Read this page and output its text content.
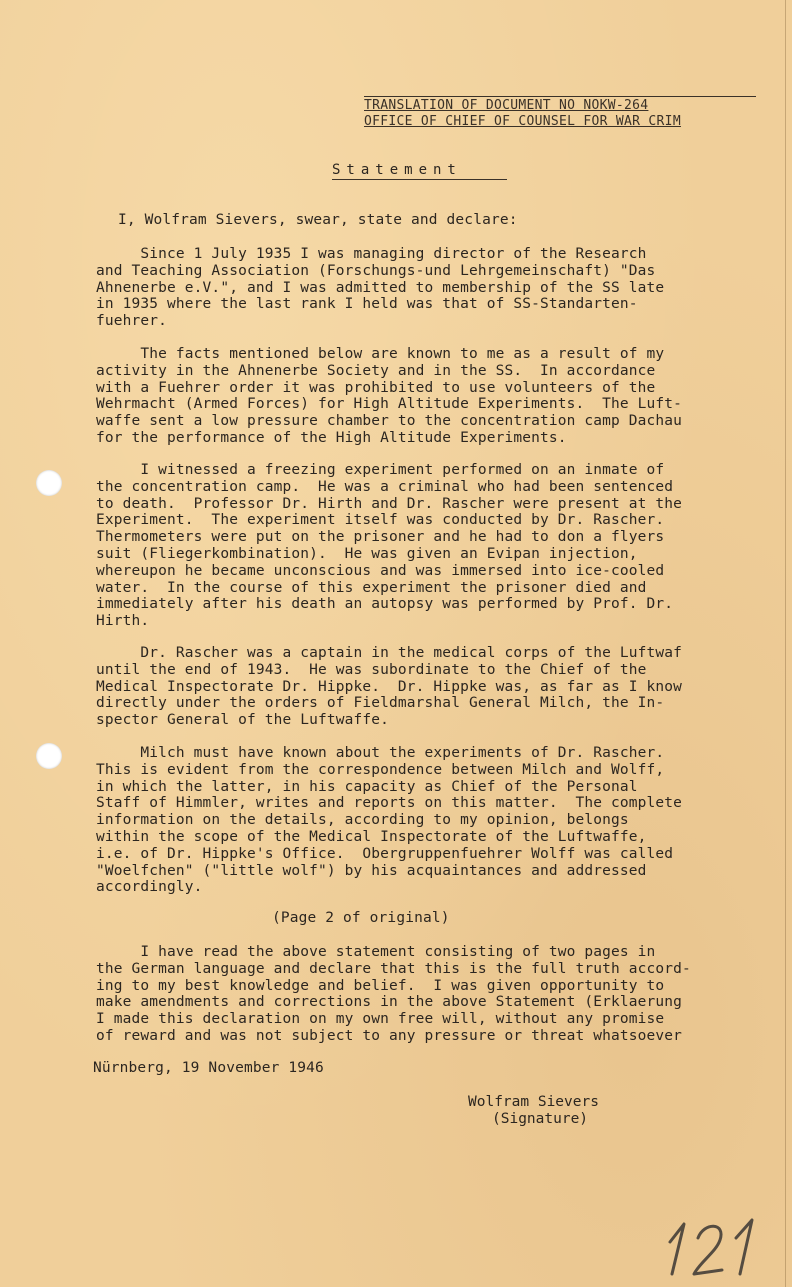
TRANSLATION OF DOCUMENT NO NOKW-264
OFFICE OF CHIEF OF COUNSEL FOR WAR CRIM
Statement
I, Wolfram Sievers, swear, state and declare:
Since 1 July 1935 I was managing director of the Research
and Teaching Association (Forschungs-und Lehrgemeinschaft) "Das
Ahnenerbe e.V.", and I was admitted to membership of the SS late
in 1935 where the last rank I held was that of SS-Standarten-
fuehrer.
The facts mentioned below are known to me as a result of my
activity in the Ahnenerbe Society and in the SS.  In accordance
with a Fuehrer order it was prohibited to use volunteers of the
Wehrmacht (Armed Forces) for High Altitude Experiments.  The Luft-
waffe sent a low pressure chamber to the concentration camp Dachau
for the performance of the High Altitude Experiments.
I witnessed a freezing experiment performed on an inmate of
the concentration camp.  He was a criminal who had been sentenced
to death.  Professor Dr. Hirth and Dr. Rascher were present at the
Experiment.  The experiment itself was conducted by Dr. Rascher.
Thermometers were put on the prisoner and he had to don a flyers
suit (Fliegerkombination).  He was given an Evipan injection,
whereupon he became unconscious and was immersed into ice-cooled
water.  In the course of this experiment the prisoner died and
immediately after his death an autopsy was performed by Prof. Dr.
Hirth.
Dr. Rascher was a captain in the medical corps of the Luftwaf
until the end of 1943.  He was subordinate to the Chief of the
Medical Inspectorate Dr. Hippke.  Dr. Hippke was, as far as I know
directly under the orders of Fieldmarshal General Milch, the In-
spector General of the Luftwaffe.
Milch must have known about the experiments of Dr. Rascher.
This is evident from the correspondence between Milch and Wolff,
in which the latter, in his capacity as Chief of the Personal
Staff of Himmler, writes and reports on this matter.  The complete
information on the details, according to my opinion, belongs
within the scope of the Medical Inspectorate of the Luftwaffe,
i.e. of Dr. Hippke's Office.  Obergruppenfuehrer Wolff was called
"Woelfchen" ("little wolf") by his acquaintances and addressed
accordingly.
(Page 2 of original)
I have read the above statement consisting of two pages in
the German language and declare that this is the full truth accord-
ing to my best knowledge and belief.  I was given opportunity to
make amendments and corrections in the above Statement (Erklaerung
I made this declaration on my own free will, without any promise
of reward and was not subject to any pressure or threat whatsoever
Nürnberg, 19 November 1946
Wolfram Sievers
(Signature)
